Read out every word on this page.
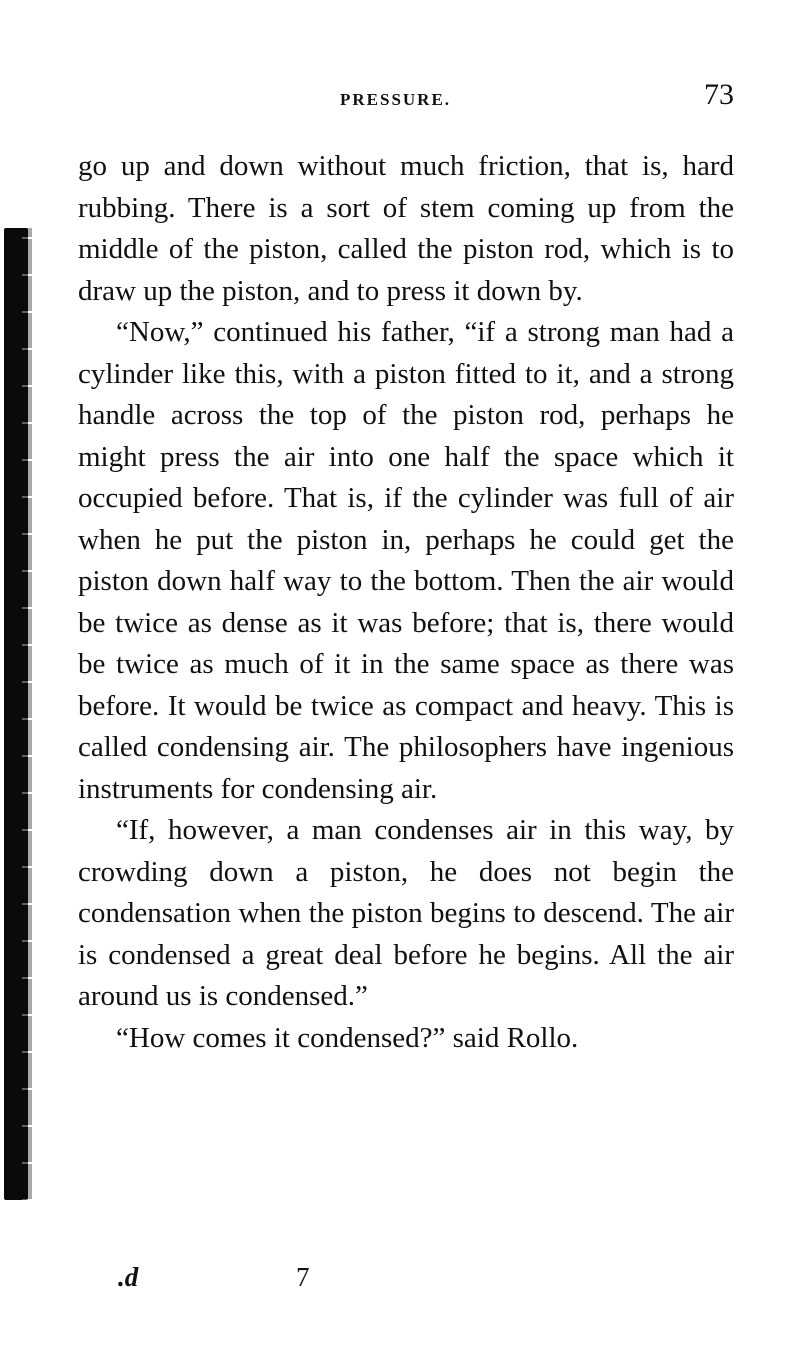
PRESSURE.	73

go up and down without much friction, that is, hard rubbing. There is a sort of stem coming up from the middle of the piston, called the piston rod, which is to draw up the piston, and to press it down by.

“Now,” continued his father, “if a strong man had a cylinder like this, with a piston fitted to it, and a strong handle across the top of the piston rod, perhaps he might press the air into one half the space which it occupied before. That is, if the cylinder was full of air when he put the piston in, perhaps he could get the piston down half way to the bottom. Then the air would be twice as dense as it was before; that is, there would be twice as much of it in the same space as there was before. It would be twice as compact and heavy. This is called condensing air. The philosophers have ingenious instruments for condensing air.

“If, however, a man condenses air in this way, by crowding down a piston, he does not begin the condensation when the piston begins to descend. The air is condensed a great deal before he begins. All the air around us is condensed.”

“How comes it condensed?” said Rollo.

.d	7
